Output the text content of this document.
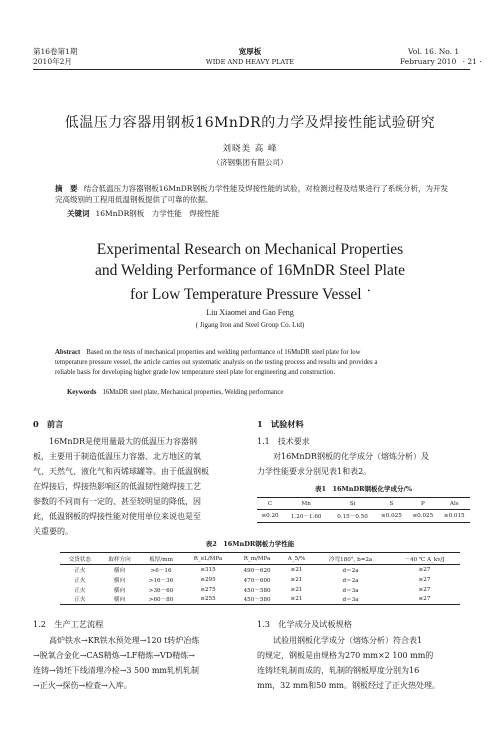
第16卷第1期
2010年2月
宽厚板
WIDE AND HEAVY PLATE
Vol. 16. No. 1
February 2010 · 21 ·
低温压力容器用钢板16MnDR的力学及焊接性能试验研究
刘晓美 高 峰
（济钢集团有限公司）
摘　要 结合低温压力容器钢板16MnDR钢板力学性能及焊接性能的试验，对检测过程及结果进行了系统分析，为开发完高级别的工程用低温钢板提供了可靠的依据。
关键词 16MnDR钢板　力学性能　焊接性能
Experimental Research on Mechanical Properties
and Welding Performance of 16MnDR Steel Plate
for Low Temperature Pressure Vessel •
Liu Xiaomei and Gao Feng
( Jigang Iron and Steel Group Co. Ltd)
Abstract Based on the tests of mechanical properties and welding performance of 16MnDR steel plate for low
temperature pressure vessel, the article carries out systematic analysis on the testing process and results and provides a
reliable basis for developing higher grade low temperature steel plate for engineering and construction.
Keywords 16MnDR steel plate, Mechanical properties, Welding performance
0　前言
16MnDR是使用量最大的低温压力容器钢
板，主要用于制造低温压力容器、北方地区的氧
气、天然气、液化气和丙烯球罐等。由于低温钢板
在焊接后，焊接热影响区的低温韧性随焊接工艺
参数的不同而有一定的、甚至较明显的降低，因
此，低温钢板的焊接性能对使用单位来说也是至
关重要的。
1　试验材料
1.1　技术要求
对16MnDR钢板的化学成分（熔炼分析）及
力学性能要求分别见表1和表2。
表1　16MnDR钢板化学成分/%
C	Mn	Si	S	P	Als
≤0.20	1.20－1.60	0.15－0.50	≤0.025	≤0.025	≥0.015
表2　16MnDR钢板力学性能
交货状态	取样方向	板厚/mm	R_eL/MPa	R_m/MPa	A_5/%	冷弯180°, b=2a	－40 ℃ A_kv/J
正火	横向	>6－16	≥315	490－620	≥21	d＝2a	≥27
正火	横向	>16－36	≥295	470－600	≥21	d＝2a	≥27
正火	横向	>36－60	≥275	450－580	≥21	d＝3a	≥27
正火	横向	>60－80	≥255	450－580	≥21	d＝3a	≥27
1.2　生产工艺流程
高炉铁水→KR铁水预处理→120 t转炉冶炼
→脱氧合金化→CAS精炼→LF精炼→VD精炼→
连铸→铸坯下线清理冷检→3 500 mm轧机轧制
→正火→探伤→检查→入库。
1.3　化学成分及试板规格
试验用钢板化学成分（熔炼分析）符合表1
的规定，钢板是由规格为270 mm×2 100 mm的
连铸坯轧制而成的，轧制的钢板厚度分别为16
mm，32 mm和50 mm。钢板经过了正火热处理。
